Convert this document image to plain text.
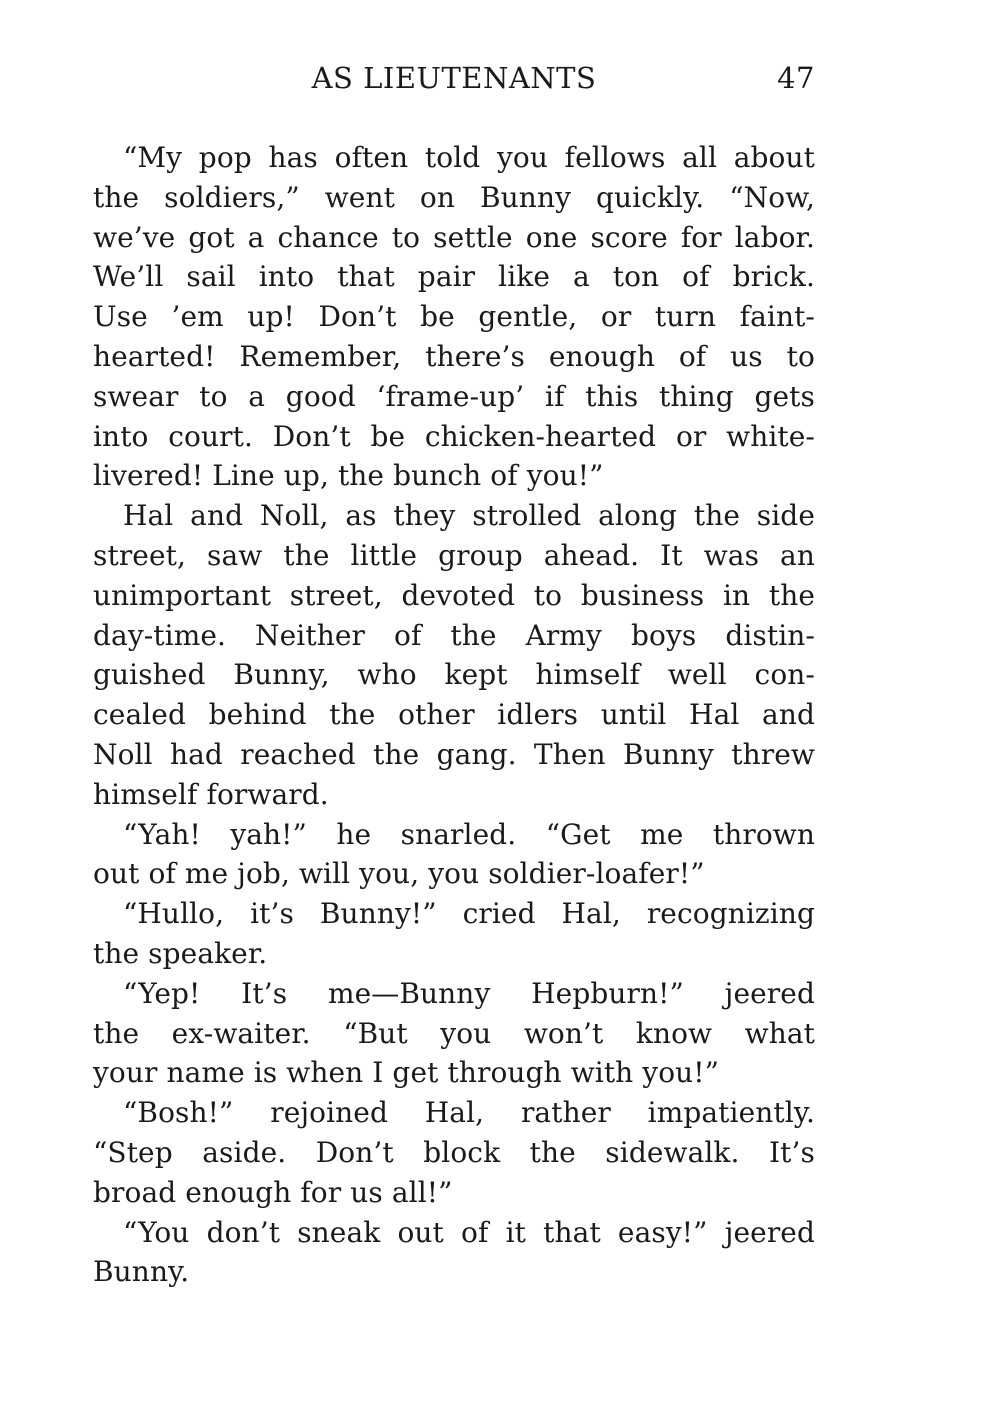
AS LIEUTENANTS	47
“My pop has often told you fellows all about
the soldiers,” went on Bunny quickly. “Now,
we’ve got a chance to settle one score for labor.
We’ll sail into that pair like a ton of brick.
Use ’em up! Don’t be gentle, or turn faint-
hearted! Remember, there’s enough of us to
swear to a good ‘frame-up’ if this thing gets
into court. Don’t be chicken-hearted or white-
livered! Line up, the bunch of you!”
Hal and Noll, as they strolled along the side
street, saw the little group ahead. It was an
unimportant street, devoted to business in the
day-time. Neither of the Army boys distin-
guished Bunny, who kept himself well con-
cealed behind the other idlers until Hal and
Noll had reached the gang. Then Bunny threw
himself forward.
“Yah! yah!” he snarled. “Get me thrown
out of me job, will you, you soldier-loafer!”
“Hullo, it’s Bunny!” cried Hal, recognizing
the speaker.
“Yep! It’s me—Bunny Hepburn!” jeered
the ex-waiter. “But you won’t know what
your name is when I get through with you!”
“Bosh!” rejoined Hal, rather impatiently.
“Step aside. Don’t block the sidewalk. It’s
broad enough for us all!”
“You don’t sneak out of it that easy!” jeered
Bunny.
